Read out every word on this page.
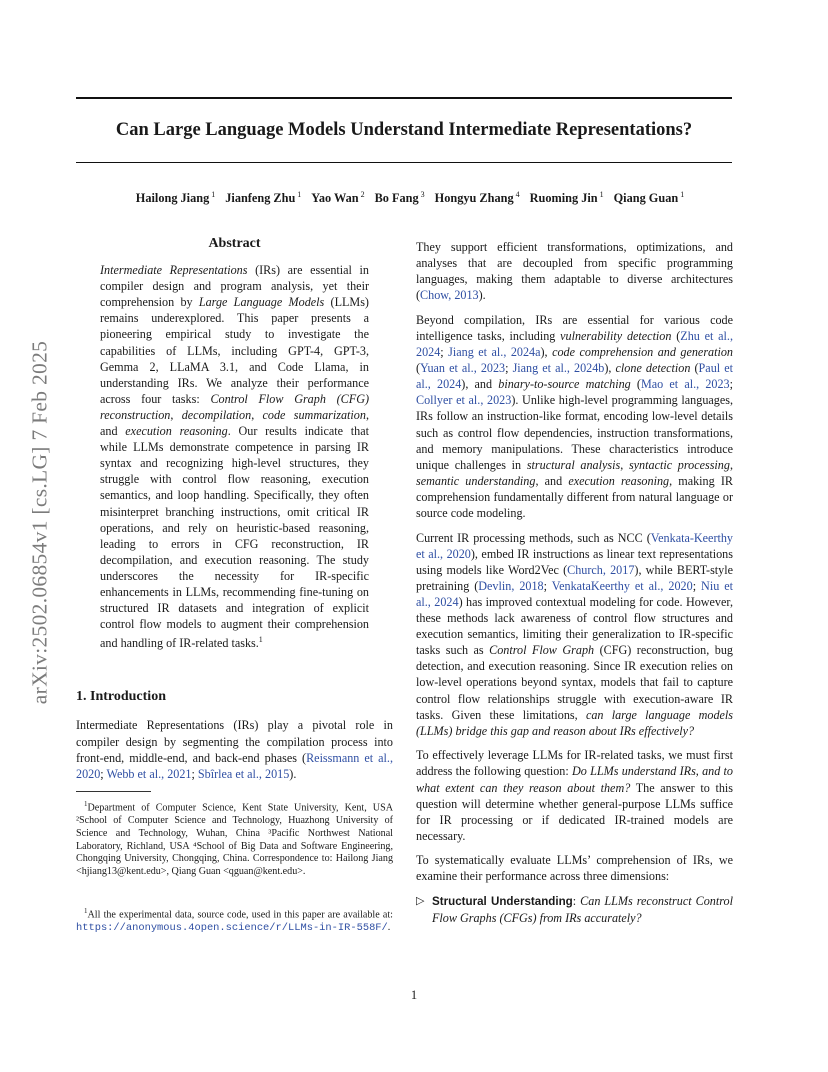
arXiv:2502.06854v1 [cs.LG] 7 Feb 2025
Can Large Language Models Understand Intermediate Representations?
Hailong Jiang $^1$ Jianfeng Zhu $^1$ Yao Wan $^2$ Bo Fang $^3$ Hongyu Zhang $^4$ Ruoming Jin $^1$ Qiang Guan $^1$
Abstract

Intermediate Representations (IRs) are essential in compiler design and program analysis, yet their comprehension by Large Language Models (LLMs) remains underexplored. This paper presents a pioneering empirical study to investigate the capabilities of LLMs, including GPT-4, GPT-3, Gemma 2, LLaMA 3.1, and Code Llama, in understanding IRs. We analyze their performance across four tasks: Control Flow Graph (CFG) reconstruction, decompilation, code summarization, and execution reasoning. Our results indicate that while LLMs demonstrate competence in parsing IR syntax and recognizing high-level structures, they struggle with control flow reasoning, execution semantics, and loop handling. Specifically, they often misinterpret branching instructions, omit critical IR operations, and rely on heuristic-based reasoning, leading to errors in CFG reconstruction, IR decompilation, and execution reasoning. The study underscores the necessity for IR-specific enhancements in LLMs, recommending fine-tuning on structured IR datasets and integration of explicit control flow models to augment their comprehension and handling of IR-related tasks.$^1$

1. Introduction

Intermediate Representations (IRs) play a pivotal role in compiler design by segmenting the compilation process into front-end, middle-end, and back-end phases (Reissmann et al., 2020; Webb et al., 2021; Sbîrlea et al., 2015).

$^1$Department of Computer Science, Kent State University, Kent, USA ²School of Computer Science and Technology, Huazhong University of Science and Technology, Wuhan, China ³Pacific Northwest National Laboratory, Richland, USA ⁴School of Big Data and Software Engineering, Chongqing University, Chongqing, China. Correspondence to: Hailong Jiang <hjiang13@kent.edu>, Qiang Guan <qguan@kent.edu>.

$^1$All the experimental data, source code, used in this paper are available at: https://anonymous.4open.science/r/LLMs-in-IR-558F/.

They support efficient transformations, optimizations, and analyses that are decoupled from specific programming languages, making them adaptable to diverse architectures (Chow, 2013).

Beyond compilation, IRs are essential for various code intelligence tasks, including vulnerability detection (Zhu et al., 2024; Jiang et al., 2024a), code comprehension and generation (Yuan et al., 2023; Jiang et al., 2024b), clone detection (Paul et al., 2024), and binary-to-source matching (Mao et al., 2023; Collyer et al., 2023). Unlike high-level programming languages, IRs follow an instruction-like format, encoding low-level details such as control flow dependencies, instruction transformations, and memory manipulations. These characteristics introduce unique challenges in structural analysis, syntactic processing, semantic understanding, and execution reasoning, making IR comprehension fundamentally different from natural language or source code modeling.

Current IR processing methods, such as NCC (Venkata-Keerthy et al., 2020), embed IR instructions as linear text representations using models like Word2Vec (Church, 2017), while BERT-style pretraining (Devlin, 2018; VenkataKeerthy et al., 2020; Niu et al., 2024) has improved contextual modeling for code. However, these methods lack awareness of control flow structures and execution semantics, limiting their generalization to IR-specific tasks such as Control Flow Graph (CFG) reconstruction, bug detection, and execution reasoning. Since IR execution relies on low-level operations beyond syntax, models that fail to capture control flow relationships struggle with execution-aware IR tasks. Given these limitations, can large language models (LLMs) bridge this gap and reason about IRs effectively?

To effectively leverage LLMs for IR-related tasks, we must first address the following question: Do LLMs understand IRs, and to what extent can they reason about them? The answer to this question will determine whether general-purpose LLMs suffice for IR processing or if dedicated IR-trained models are necessary.

To systematically evaluate LLMs’ comprehension of IRs, we examine their performance across three dimensions:

▷ Structural Understanding: Can LLMs reconstruct Control Flow Graphs (CFGs) from IRs accurately?
1
